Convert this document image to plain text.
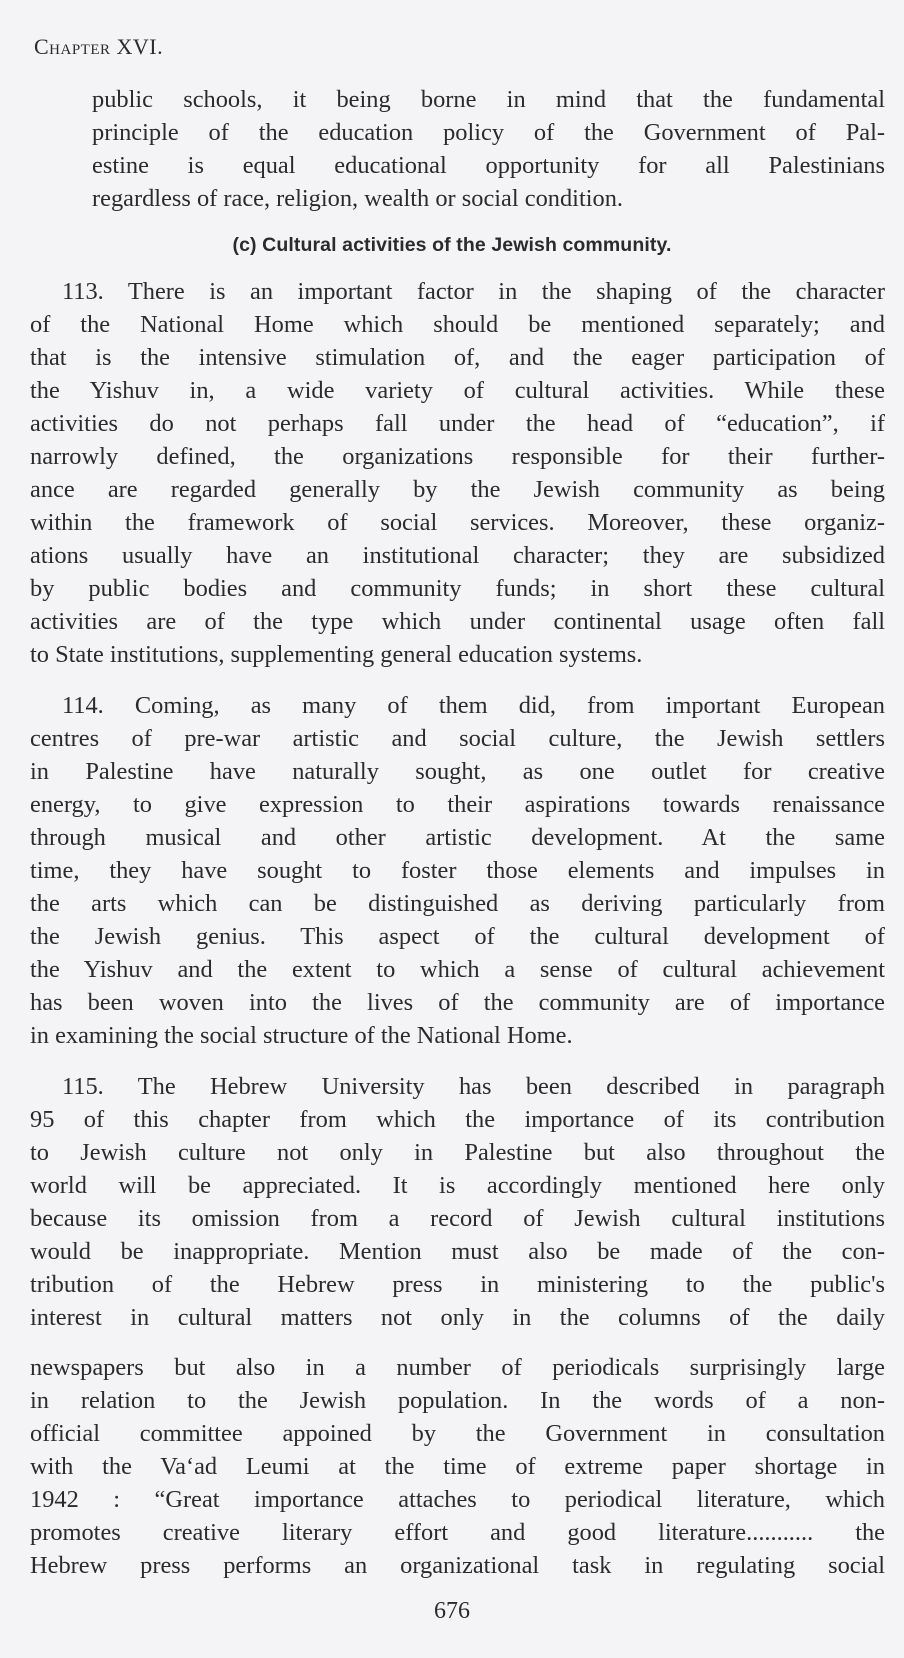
Chapter XVI.
public schools, it being borne in mind that the fundamental
principle of the education policy of the Government of Pal-
estine is equal educational opportunity for all Palestinians
regardless of race, religion, wealth or social condition.
(c) Cultural activities of the Jewish community.
113. There is an important factor in the shaping of the character
of the National Home which should be mentioned separately; and
that is the intensive stimulation of, and the eager participation of
the Yishuv in, a wide variety of cultural activities. While these
activities do not perhaps fall under the head of “education”, if
narrowly defined, the organizations responsible for their further-
ance are regarded generally by the Jewish community as being
within the framework of social services. Moreover, these organiz-
ations usually have an institutional character; they are subsidized
by public bodies and community funds; in short these cultural
activities are of the type which under continental usage often fall
to State institutions, supplementing general education systems.
114. Coming, as many of them did, from important European
centres of pre-war artistic and social culture, the Jewish settlers
in Palestine have naturally sought, as one outlet for creative
energy, to give expression to their aspirations towards renaissance
through musical and other artistic development. At the same
time, they have sought to foster those elements and impulses in
the arts which can be distinguished as deriving particularly from
the Jewish genius. This aspect of the cultural development of
the Yishuv and the extent to which a sense of cultural achievement
has been woven into the lives of the community are of importance
in examining the social structure of the National Home.
115. The Hebrew University has been described in paragraph
95 of this chapter from which the importance of its contribution
to Jewish culture not only in Palestine but also throughout the
world will be appreciated. It is accordingly mentioned here only
because its omission from a record of Jewish cultural institutions
would be inappropriate. Mention must also be made of the con-
tribution of the Hebrew press in ministering to the public's
interest in cultural matters not only in the columns of the daily
newspapers but also in a number of periodicals surprisingly large
in relation to the Jewish population. In the words of a non-
official committee appoined by the Government in consultation
with the Va‘ad Leumi at the time of extreme paper shortage in
1942 : “Great importance attaches to periodical literature, which
promotes creative literary effort and good literature........... the
Hebrew press performs an organizational task in regulating social
676
